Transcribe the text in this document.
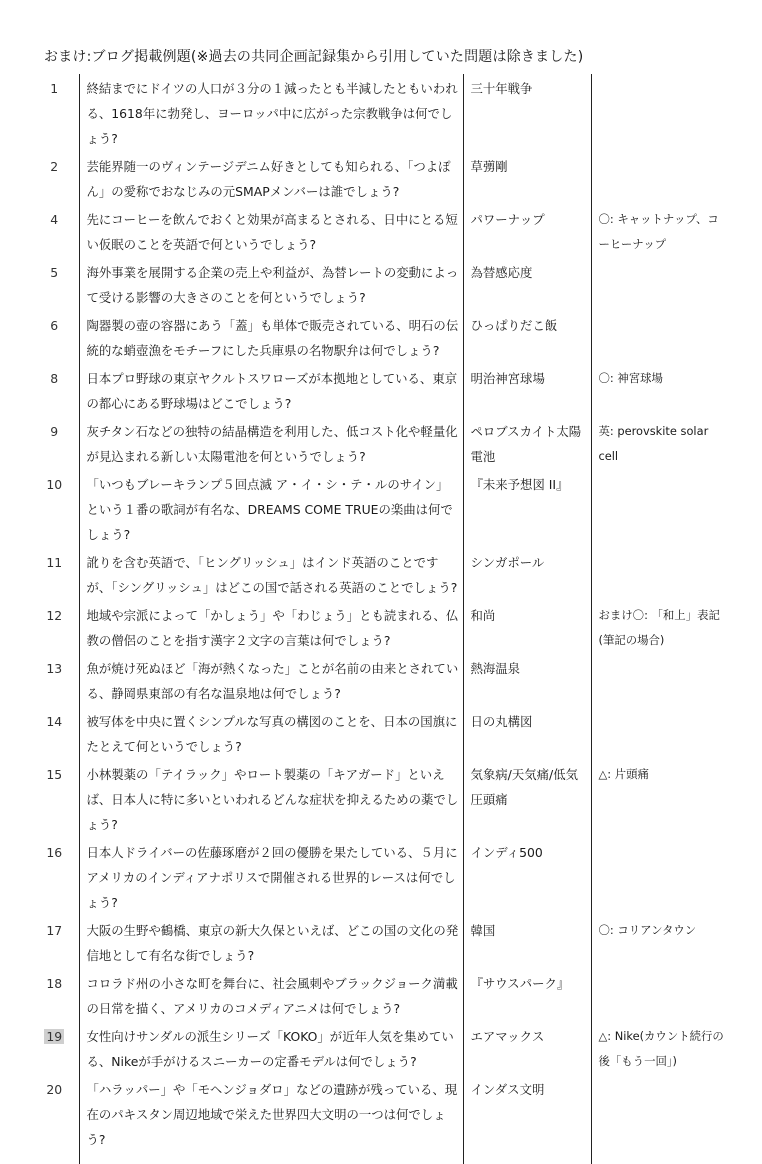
おまけ:ブログ掲載例題(※過去の共同企画記録集から引用していた問題は除きました)
1	終結までにドイツの人口が３分の１減ったとも半減したともいわれる、1618年に勃発し、ヨーロッパ中に広がった宗教戦争は何でしょう?	三十年戦争	
2	芸能界随一のヴィンテージデニム好きとしても知られる、「つよぽん」の愛称でおなじみの元SMAPメンバーは誰でしょう?	草彅剛	
4	先にコーヒーを飲んでおくと効果が高まるとされる、日中にとる短い仮眠のことを英語で何というでしょう?	パワーナップ	〇: キャットナップ、コーヒーナップ
5	海外事業を展開する企業の売上や利益が、為替レートの変動によって受ける影響の大きさのことを何というでしょう?	為替感応度	
6	陶器製の壺の容器にあう「蓋」も単体で販売されている、明石の伝統的な蛸壺漁をモチーフにした兵庫県の名物駅弁は何でしょう?	ひっぱりだこ飯	
8	日本プロ野球の東京ヤクルトスワローズが本拠地としている、東京の都心にある野球場はどこでしょう?	明治神宮球場	〇: 神宮球場
9	灰チタン石などの独特の結晶構造を利用した、低コスト化や軽量化が見込まれる新しい太陽電池を何というでしょう?	ペロブスカイト太陽電池	英: perovskite solar cell
10	「いつもブレーキランプ５回点滅 ア・イ・シ・テ・ルのサイン」という１番の歌詞が有名な、DREAMS COME TRUEの楽曲は何でしょう?	『未来予想図 II』	
11	訛りを含む英語で、「ヒングリッシュ」はインド英語のことですが、「シングリッシュ」はどこの国で話される英語のことでしょう?	シンガポール	
12	地域や宗派によって「かしょう」や「わじょう」とも読まれる、仏教の僧侶のことを指す漢字２文字の言葉は何でしょう?	和尚	おまけ〇: 「和上」表記(筆記の場合)
13	魚が焼け死ぬほど「海が熱くなった」ことが名前の由来とされている、静岡県東部の有名な温泉地は何でしょう?	熱海温泉	
14	被写体を中央に置くシンプルな写真の構図のことを、日本の国旗にたとえて何というでしょう?	日の丸構図	
15	小林製薬の「テイラック」やロート製薬の「キアガード」といえば、日本人に特に多いといわれるどんな症状を抑えるための薬でしょう?	気象病/天気痛/低気圧頭痛	△: 片頭痛
16	日本人ドライバーの佐藤琢磨が２回の優勝を果たしている、５月にアメリカのインディアナポリスで開催される世界的レースは何でしょう?	インディ500	
17	大阪の生野や鶴橋、東京の新大久保といえば、どこの国の文化の発信地として有名な街でしょう?	韓国	〇: コリアンタウン
18	コロラド州の小さな町を舞台に、社会風刺やブラックジョーク満載の日常を描く、アメリカのコメディアニメは何でしょう?	『サウスパーク』	
19	女性向けサンダルの派生シリーズ「KOKO」が近年人気を集めている、Nikeが手がけるスニーカーの定番モデルは何でしょう?	エアマックス	△: Nike(カウント続行の後「もう一回」)
20	「ハラッパー」や「モヘンジョダロ」などの遺跡が残っている、現在のパキスタン周辺地域で栄えた世界四大文明の一つは何でしょう?	インダス文明	
